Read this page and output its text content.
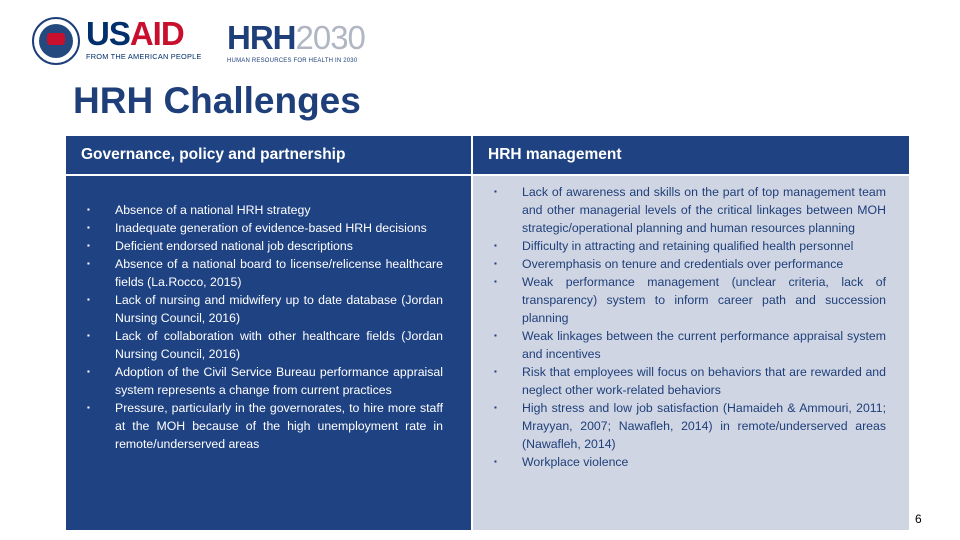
USAID
FROM THE AMERICAN PEOPLE
HRH2030
HUMAN RESOURCES FOR HEALTH IN 2030
HRH Challenges
Governance, policy and partnership	HRH management
▪ Absence of a national HRH strategy
▪ Inadequate generation of evidence-based HRH decisions
▪ Deficient endorsed national job descriptions
▪ Absence of a national board to license/relicense healthcare fields (La.Rocco, 2015)
▪ Lack of nursing and midwifery up to date database (Jordan Nursing Council, 2016)
▪ Lack of collaboration with other healthcare fields (Jordan Nursing Council, 2016)
▪ Adoption of the Civil Service Bureau performance appraisal system represents a change from current practices
▪ Pressure, particularly in the governorates, to hire more staff at the MOH because of the high unemployment rate in remote/underserved areas
▪ Lack of awareness and skills on the part of top management team and other managerial levels of the critical linkages between MOH strategic/operational planning and human resources planning
▪ Difficulty in attracting and retaining qualified health personnel
▪ Overemphasis on tenure and credentials over performance
▪ Weak performance management (unclear criteria, lack of transparency) system to inform career path and succession planning
▪ Weak linkages between the current performance appraisal system and incentives
▪ Risk that employees will focus on behaviors that are rewarded and neglect other work-related behaviors
▪ High stress and low job satisfaction (Hamaideh & Ammouri, 2011; Mrayyan, 2007; Nawafleh, 2014) in remote/underserved areas (Nawafleh, 2014)
▪ Workplace violence
6
